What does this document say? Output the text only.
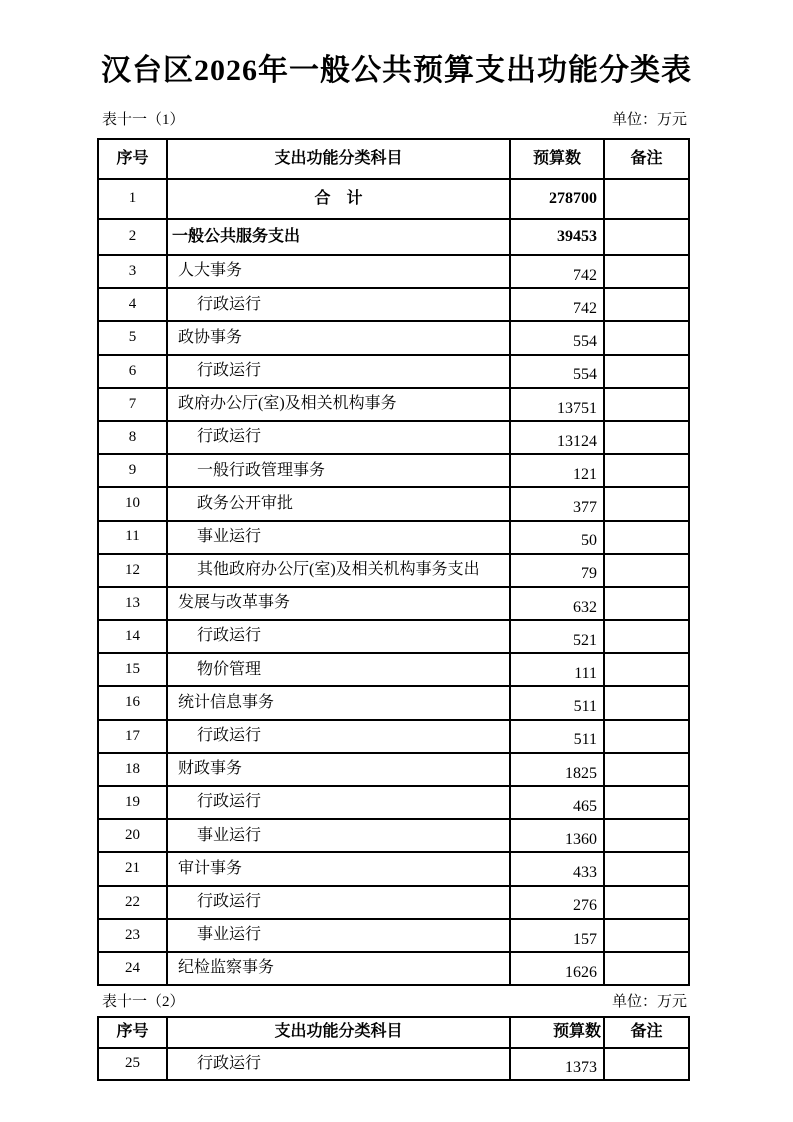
汉台区2026年一般公共预算支出功能分类表
表十一（1）	单位：万元
序号	支出功能分类科目	预算数	备注
1	合　计	278700	
2	一般公共服务支出	39453	
3	人大事务	742	
4	行政运行	742	
5	政协事务	554	
6	行政运行	554	
7	政府办公厅(室)及相关机构事务	13751	
8	行政运行	13124	
9	一般行政管理事务	121	
10	政务公开审批	377	
11	事业运行	50	
12	其他政府办公厅(室)及相关机构事务支出	79	
13	发展与改革事务	632	
14	行政运行	521	
15	物价管理	111	
16	统计信息事务	511	
17	行政运行	511	
18	财政事务	1825	
19	行政运行	465	
20	事业运行	1360	
21	审计事务	433	
22	行政运行	276	
23	事业运行	157	
24	纪检监察事务	1626	
表十一（2）	单位：万元
序号	支出功能分类科目	预算数	备注
25	行政运行	1373	
